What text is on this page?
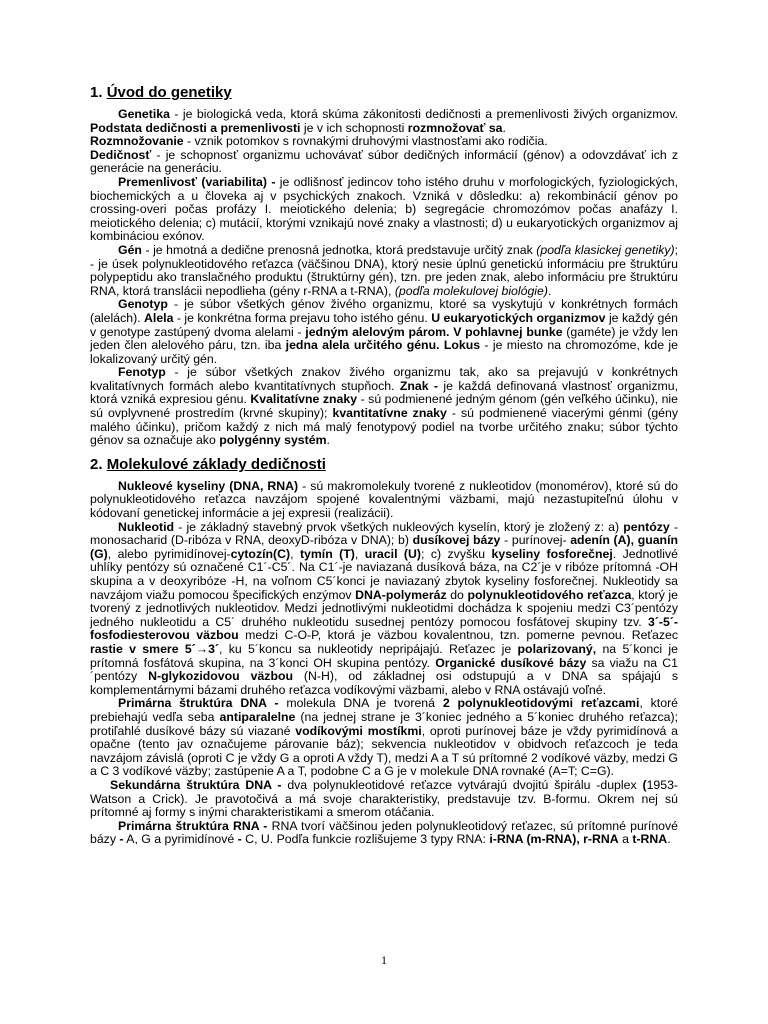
1. Úvod do genetiky

Genetika - je biologická veda, ktorá skúma zákonitosti dedičnosti a premenlivosti živých organizmov. Podstata dedičnosti a premenlivosti je v ich schopnosti rozmnožovať sa.

Rozmnožovanie - vznik potomkov s rovnakými druhovými vlastnosťami ako rodičia.

Dedičnosť - je schopnosť organizmu uchovávať súbor dedičných informácií (génov) a odovzdávať ich z generácie na generáciu.

Premenlivosť (variabilita) - je odlišnosť jedincov toho istého druhu v morfologických, fyziologických, biochemických a u človeka aj v psychických znakoch. Vzniká v dôsledku: a) rekombinácií génov po crossing-overi počas profázy I. meiotického delenia; b) segregácie chromozómov počas anafázy I. meiotického delenia; c) mutácií, ktorými vznikajú nové znaky a vlastnosti; d) u eukaryotických organizmov aj kombináciou exónov.

Gén - je hmotná a dedične prenosná jednotka, ktorá predstavuje určitý znak (podľa klasickej genetiky); - je úsek polynukleotidového reťazca (väčšinou DNA), ktorý nesie úplnú genetickú informáciu pre štruktúru polypeptidu ako translačného produktu (štruktúrny gén), tzn. pre jeden znak, alebo informáciu pre štruktúru RNA, ktorá translácii nepodlieha (gény r-RNA a t-RNA), (podľa molekulovej biológie).

Genotyp - je súbor všetkých génov živého organizmu, ktoré sa vyskytujú v konkrétnych formách (alelách). Alela - je konkrétna forma prejavu toho istého génu. U eukaryotických organizmov je každý gén v genotype zastúpený dvoma alelami - jedným alelovým párom. V pohlavnej bunke (gaméte) je vždy len jeden člen alelového páru, tzn. iba jedna alela určitého génu. Lokus - je miesto na chromozóme, kde je lokalizovaný určitý gén.

Fenotyp - je súbor všetkých znakov živého organizmu tak, ako sa prejavujú v konkrétnych kvalitatívnych formách alebo kvantitatívnych stupňoch. Znak - je každá definovaná vlastnosť organizmu, ktorá vzniká expresiou génu. Kvalitatívne znaky - sú podmienené jedným génom (gén veľkého účinku), nie sú ovplyvnené prostredím (krvné skupiny); kvantitatívne znaky - sú podmienené viacerými génmi (gény malého účinku), pričom každý z nich má malý fenotypový podiel na tvorbe určitého znaku; súbor týchto génov sa označuje ako polygénny systém.

2. Molekulové základy dedičnosti

Nukleové kyseliny (DNA, RNA) - sú makromolekuly tvorené z nukleotidov (monomérov), ktoré sú do polynukleotidového reťazca navzájom spojené kovalentnými väzbami, majú nezastupiteľnú úlohu v kódovaní genetickej informácie a jej expresii (realizácii).

Nukleotid - je základný stavebný prvok všetkých nukleových kyselín, ktorý je zložený z: a) pentózy - monosacharid (D-ribóza v RNA, deoxyD-ribóza v DNA); b) dusíkovej bázy - purínovej- adenín (A), guanín (G), alebo pyrimidínovej-cytozín(C), tymín (T), uracil (U); c) zvyšku kyseliny fosforečnej. Jednotlivé uhlíky pentózy sú označené C1´-C5´. Na C1´-je naviazaná dusíková báza, na C2´je v ribóze prítomná -OH skupina a v deoxyribóze -H, na voľnom C5´konci je naviazaný zbytok kyseliny fosforečnej. Nukleotidy sa navzájom viažu pomocou špecifických enzýmov DNA-polymeráz do polynukleotidového reťazca, ktorý je tvorený z jednotlivých nukleotidov. Medzi jednotlivými nukleotidmi dochádza k spojeniu medzi C3´pentózy jedného nukleotidu a C5´ druhého nukleotidu susednej pentózy pomocou fosfátovej skupiny tzv. 3´-5´-fosfodiesterovou väzbou medzi C-O-P, ktorá je väzbou kovalentnou, tzn. pomerne pevnou. Reťazec rastie v smere 5´→3´, ku 5´koncu sa nukleotidy nepripájajú. Reťazec je polarizovaný, na 5´konci je prítomná fosfátová skupina, na 3´konci OH skupina pentózy. Organické dusíkové bázy sa viažu na C1´pentózy N-glykozidovou väzbou (N-H), od základnej osi odstupujú a v DNA sa spájajú s komplementárnymi bázami druhého reťazca vodíkovými väzbami, alebo v RNA ostávajú voľné.

Primárna štruktúra DNA - molekula DNA je tvorená 2 polynukleotidovými reťazcami, ktoré prebiehajú vedľa seba antiparalelne (na jednej strane je 3´koniec jedného a 5´koniec druhého reťazca); protiľahlé dusíkové bázy sú viazané vodíkovými mostíkmi, oproti purínovej báze je vždy pyrimidínová a opačne (tento jav označujeme párovanie báz); sekvencia nukleotidov v obidvoch reťazcoch je teda navzájom závislá (oproti C je vždy G a oproti A vždy T), medzi A a T sú prítomné 2 vodíkové väzby, medzi G a C 3 vodíkové väzby; zastúpenie A a T, podobne C a G je v molekule DNA rovnaké (A=T; C=G).

Sekundárna štruktúra DNA - dva polynukleotidové reťazce vytvárajú dvojitú špirálu -duplex (1953-Watson a Crick). Je pravotočivá a má svoje charakteristiky, predstavuje tzv. B-formu. Okrem nej sú prítomné aj formy s inými charakteristikami a smerom otáčania.

Primárna štruktúra RNA - RNA tvorí väčšinou jeden polynukleotidový reťazec, sú prítomné purínové bázy - A, G a pyrimidínové - C, U. Podľa funkcie rozlišujeme 3 typy RNA: i-RNA (m-RNA), r-RNA a t-RNA.

1
